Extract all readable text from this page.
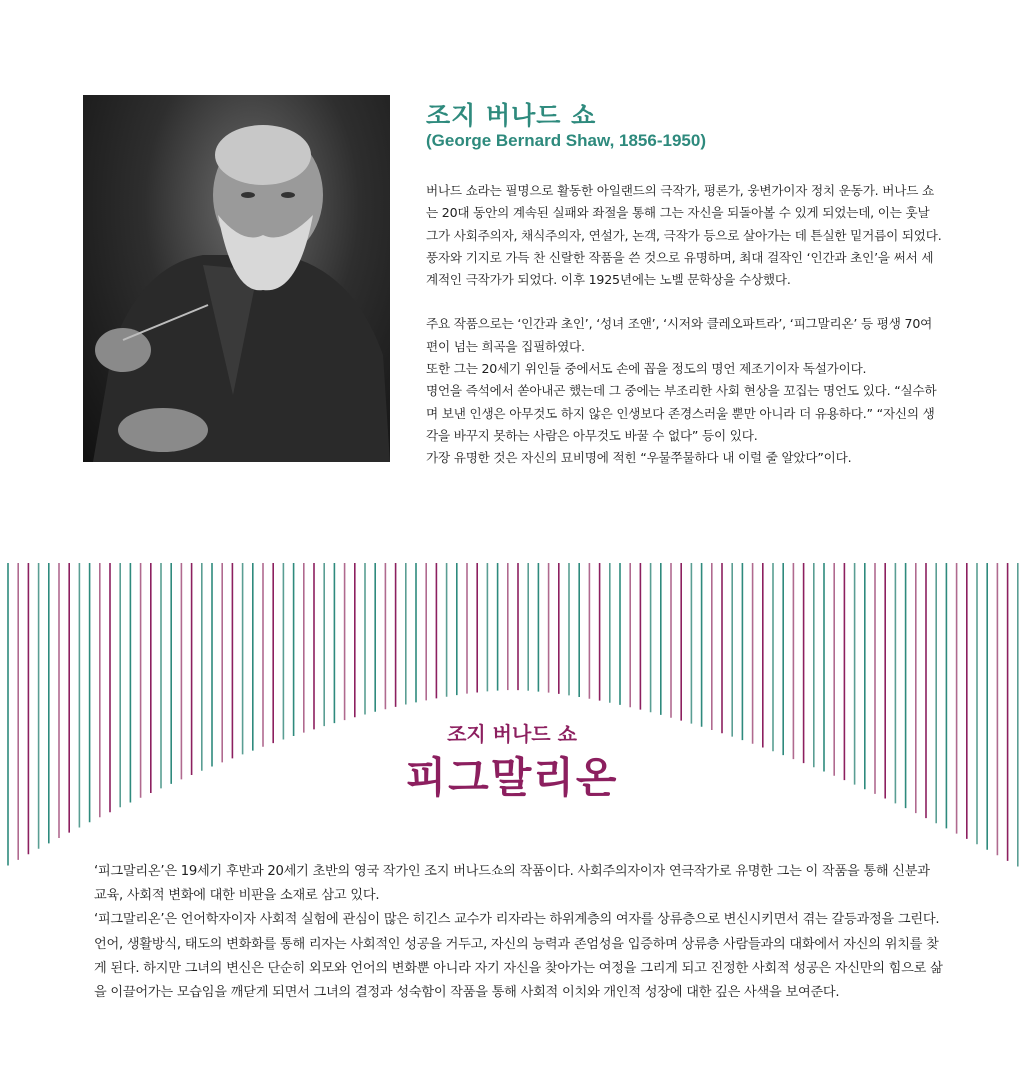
조지 버나드 쇼
(George Bernard Shaw, 1856-1950)

버나드 쇼라는 필명으로 활동한 아일랜드의 극작가, 평론가, 웅변가이자 정치 운동가. 버나드 쇼는 20대 동안의 계속된 실패와 좌절을 통해 그는 자신을 되돌아볼 수 있게 되었는데, 이는 훗날 그가 사회주의자, 채식주의자, 연설가, 논객, 극작가 등으로 살아가는 데 튼실한 밑거름이 되었다.

풍자와 기지로 가득 찬 신랄한 작품을 쓴 것으로 유명하며, 최대 걸작인 ‘인간과 초인’을 써서 세계적인 극작가가 되었다. 이후 1925년에는 노벨 문학상을 수상했다.

주요 작품으로는 ‘인간과 초인’, ‘성녀 조앤’, ‘시저와 클레오파트라’, ‘피그말리온’ 등 평생 70여 편이 넘는 희곡을 집필하였다.

또한 그는 20세기 위인들 중에서도 손에 꼽을 정도의 명언 제조기이자 독설가이다.

명언을 즉석에서 쏟아내곤 했는데 그 중에는 부조리한 사회 현상을 꼬집는 명언도 있다. “실수하며 보낸 인생은 아무것도 하지 않은 인생보다 존경스러울 뿐만 아니라 더 유용하다.” “자신의 생각을 바꾸지 못하는 사람은 아무것도 바꿀 수 없다” 등이 있다.

가장 유명한 것은 자신의 묘비명에 적힌 “우물쭈물하다 내 이럴 줄 알았다”이다.

조지 버나드 쇼
피그말리온

‘피그말리온’은 19세기 후반과 20세기 초반의 영국 작가인 조지 버나드쇼의 작품이다. 사회주의자이자 연극작가로 유명한 그는 이 작품을 통해 신분과 교육, 사회적 변화에 대한 비판을 소재로 삼고 있다.

‘피그말리온’은 언어학자이자 사회적 실험에 관심이 많은 히긴스 교수가 리자라는 하위계층의 여자를 상류층으로 변신시키면서 겪는 갈등과정을 그린다. 언어, 생활방식, 태도의 변화화를 통해 리자는 사회적인 성공을 거두고, 자신의 능력과 존엄성을 입증하며 상류층 사람들과의 대화에서 자신의 위치를 찾게 된다. 하지만 그녀의 변신은 단순히 외모와 언어의 변화뿐 아니라 자기 자신을 찾아가는 여정을 그리게 되고 진정한 사회적 성공은 자신만의 힘으로 삶을 이끌어가는 모습임을 깨닫게 되면서 그녀의 결정과 성숙함이 작품을 통해 사회적 이치와 개인적 성장에 대한 깊은 사색을 보여준다.
